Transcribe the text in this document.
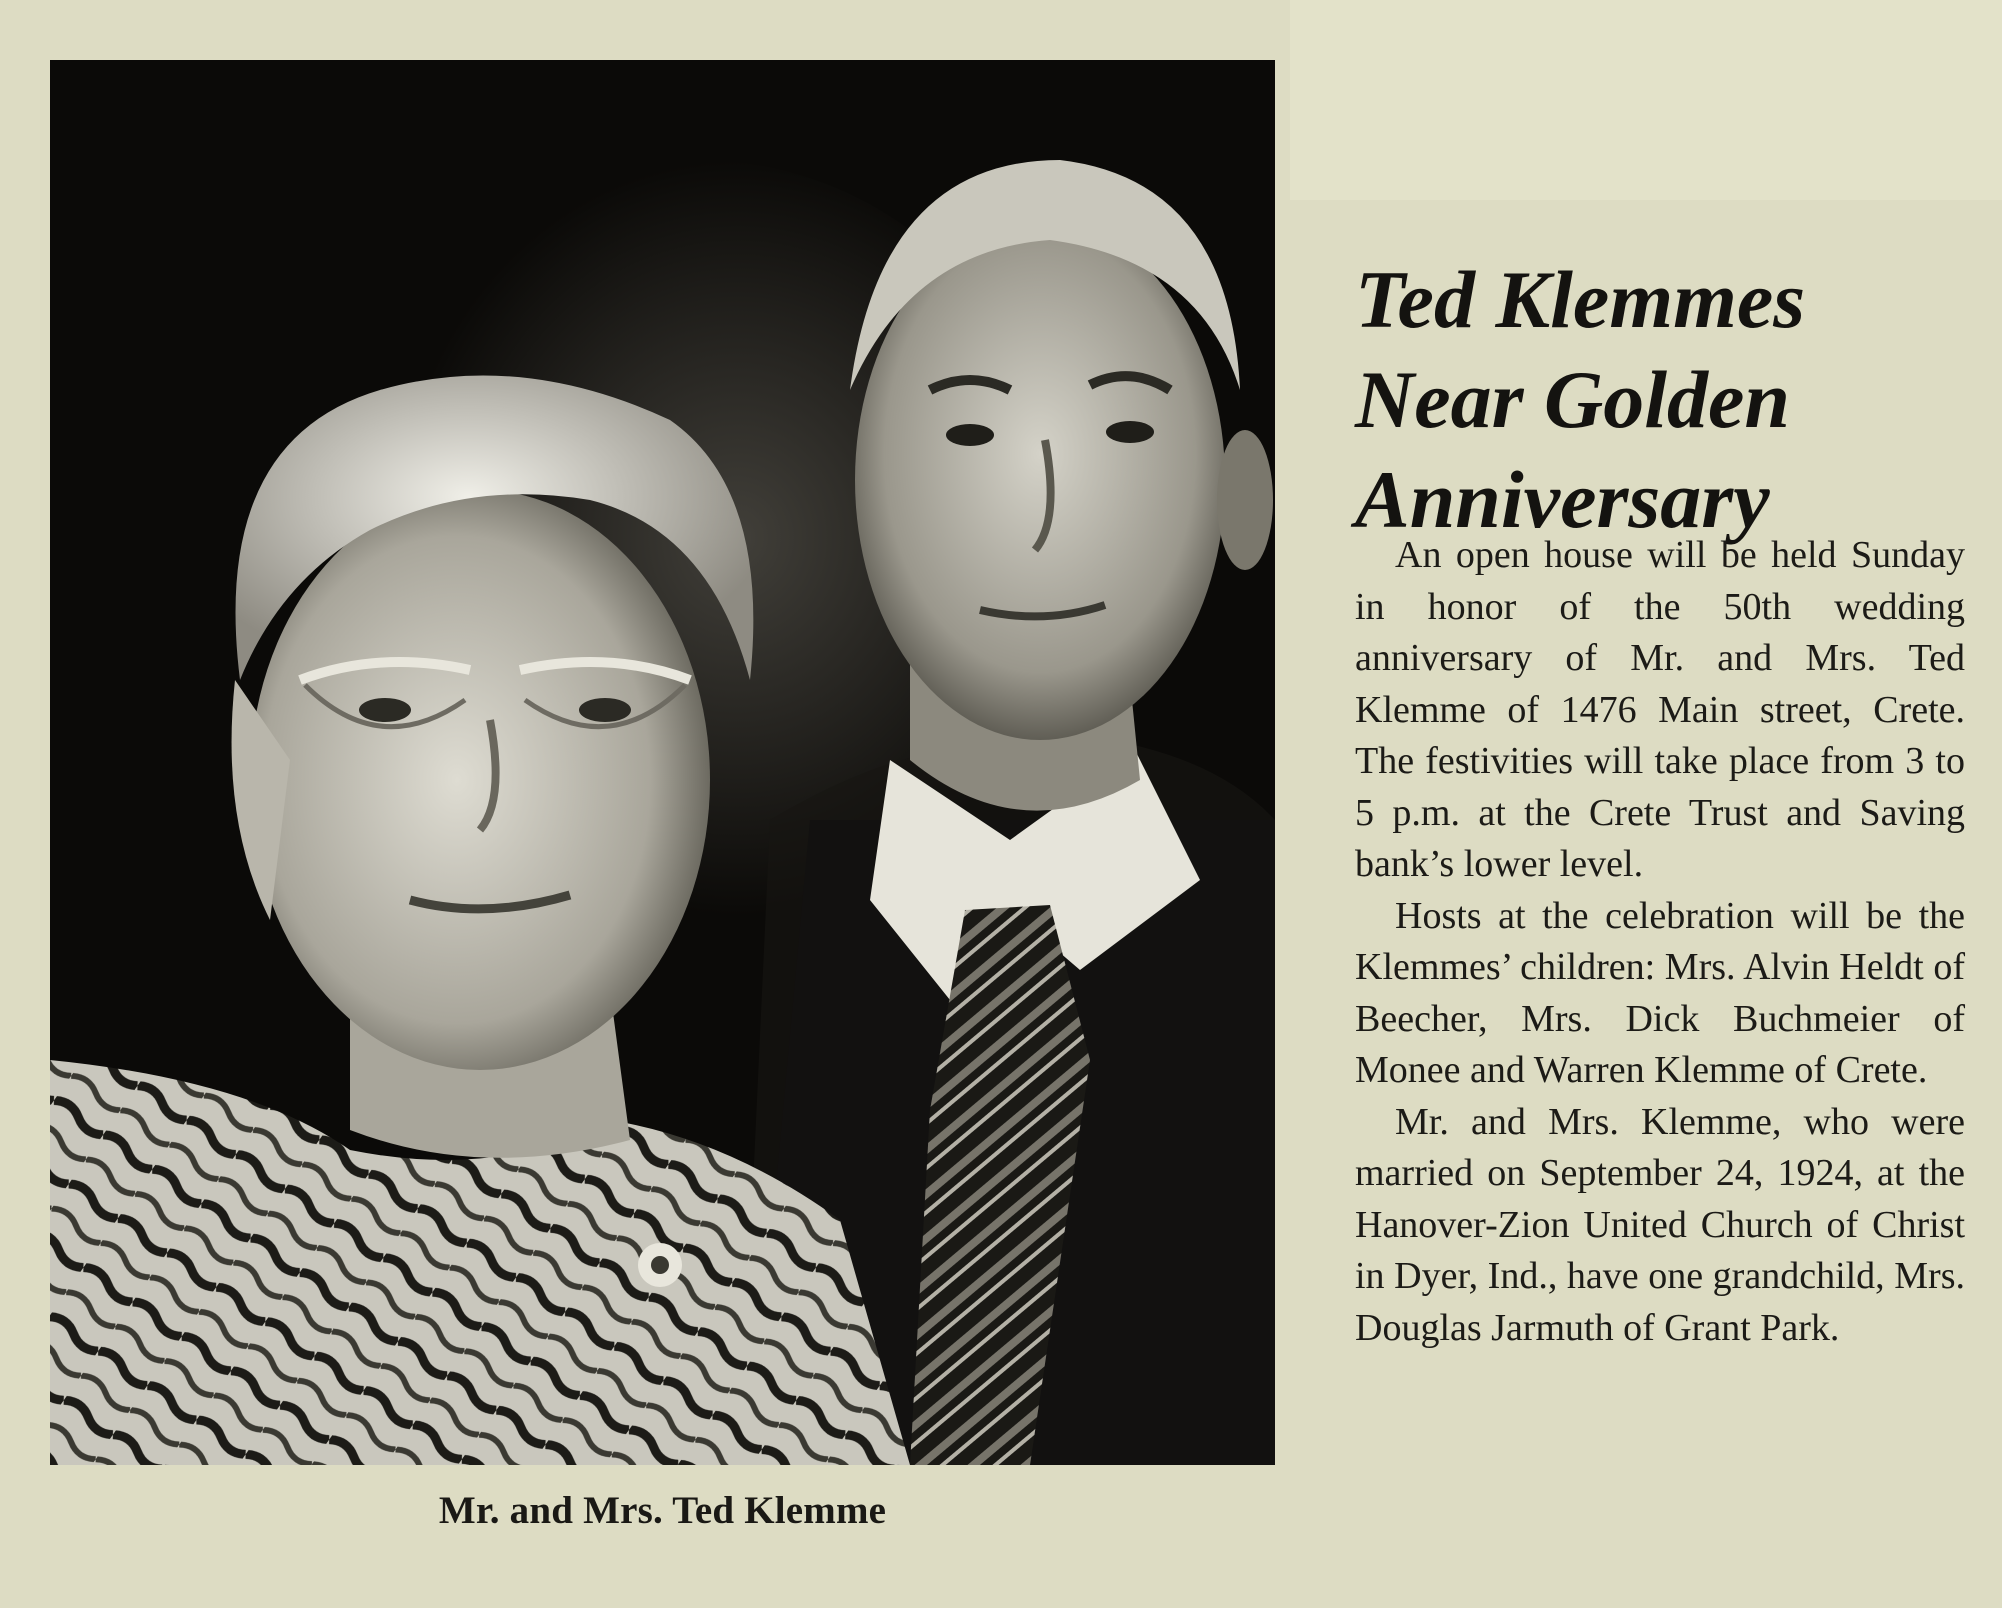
Mr. and Mrs. Ted Klemme
Ted Klemmes
Near Golden
Anniversary

An open house will be held Sunday in honor of the 50th wedding anniversary of Mr. and Mrs. Ted Klemme of 1476 Main street, Crete. The festivities will take place from 3 to 5 p.m. at the Crete Trust and Saving bank’s lower level.

Hosts at the celebration will be the Klemmes’ children: Mrs. Alvin Heldt of Beecher, Mrs. Dick Buchmeier of Monee and Warren Klemme of Crete.

Mr. and Mrs. Klemme, who were married on September 24, 1924, at the Hanover-Zion United Church of Christ in Dyer, Ind., have one grandchild, Mrs. Douglas Jarmuth of Grant Park.
